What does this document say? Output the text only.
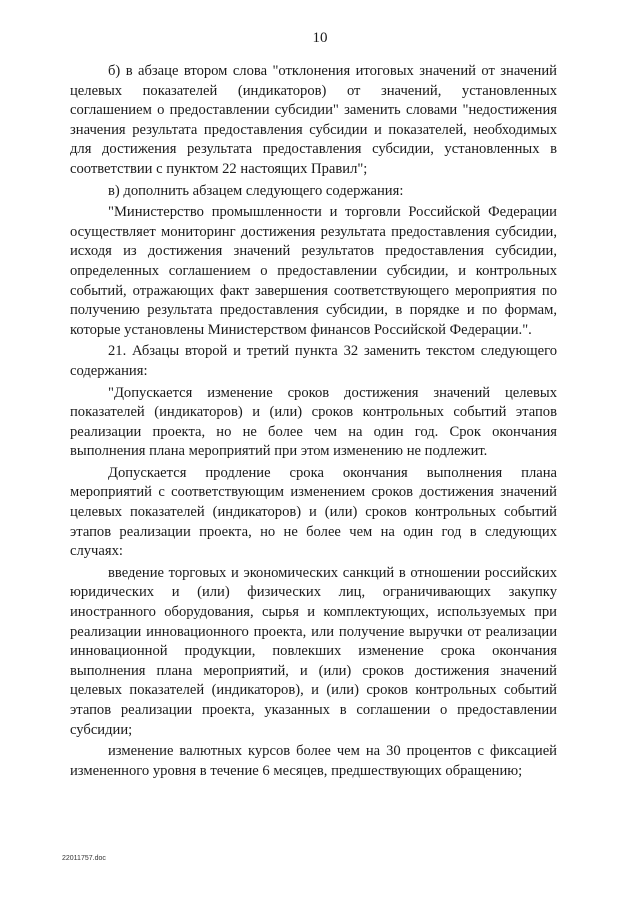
10

б) в абзаце втором слова "отклонения итоговых значений от значений целевых показателей (индикаторов) от значений, установленных соглашением о предоставлении субсидии" заменить словами "недостижения значения результата предоставления субсидии и показателей, необходимых для достижения результата предоставления субсидии, установленных в соответствии с пунктом 22 настоящих Правил";

в) дополнить абзацем следующего содержания:

"Министерство промышленности и торговли Российской Федерации осуществляет мониторинг достижения результата предоставления субсидии, исходя из достижения значений результатов предоставления субсидии, определенных соглашением о предоставлении субсидии, и контрольных событий, отражающих факт завершения соответствующего мероприятия по получению результата предоставления субсидии, в порядке и по формам, которые установлены Министерством финансов Российской Федерации.".

21. Абзацы второй и третий пункта 32 заменить текстом следующего содержания:

"Допускается изменение сроков достижения значений целевых показателей (индикаторов) и (или) сроков контрольных событий этапов реализации проекта, но не более чем на один год. Срок окончания выполнения плана мероприятий при этом изменению не подлежит.

Допускается продление срока окончания выполнения плана мероприятий с соответствующим изменением сроков достижения значений целевых показателей (индикаторов) и (или) сроков контрольных событий этапов реализации проекта, но не более чем на один год в следующих случаях:

введение торговых и экономических санкций в отношении российских юридических и (или) физических лиц, ограничивающих закупку иностранного оборудования, сырья и комплектующих, используемых при реализации инновационного проекта, или получение выручки от реализации инновационной продукции, повлекших изменение срока окончания выполнения плана мероприятий, и (или) сроков достижения значений целевых показателей (индикаторов), и (или) сроков контрольных событий этапов реализации проекта, указанных в соглашении о предоставлении субсидии;

изменение валютных курсов более чем на 30 процентов с фиксацией измененного уровня в течение 6 месяцев, предшествующих обращению;

22011757.doc
